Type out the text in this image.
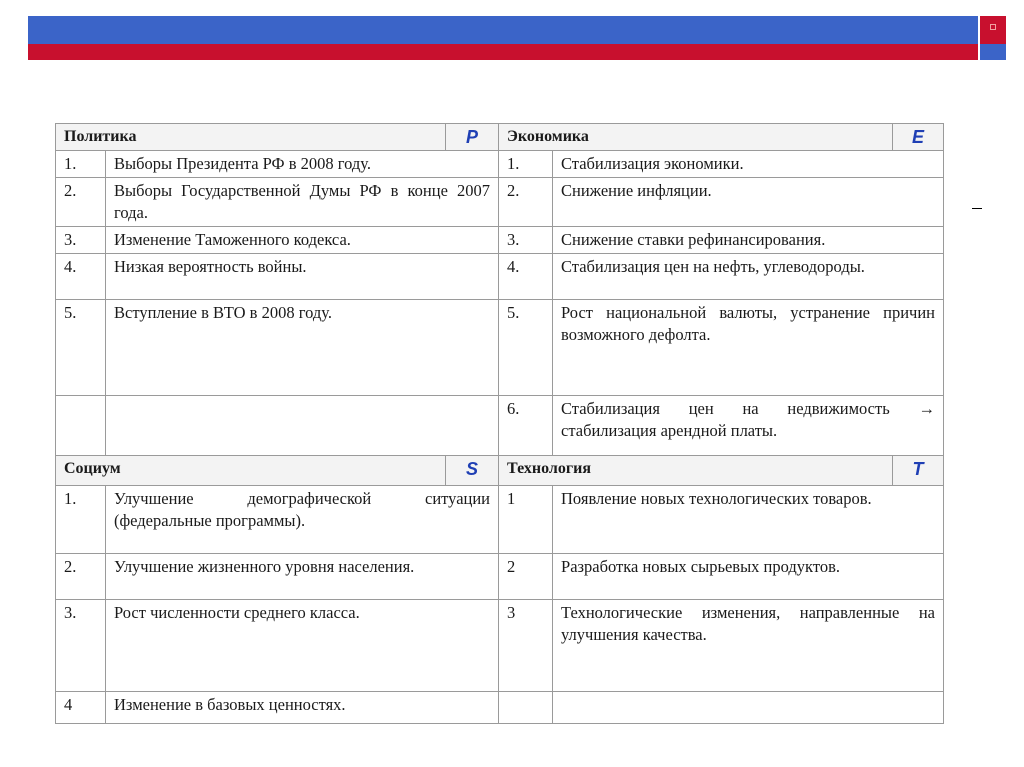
Политика		P	Экономика		E
1.	Выборы Президента РФ в 2008 году.		1.	Стабилизация экономики.	
2.	Выборы Государственной Думы РФ в конце 2007 года.		2.	Снижение инфляции.	
3.	Изменение Таможенного кодекса.		3.	Снижение ставки рефинансирования.	
4.	Низкая вероятность войны.		4.	Стабилизация цен на нефть, углеводороды.	
5.	Вступление в ВТО в 2008 году.		5.	Рост национальной валюты, устранение причин возможного дефолта.	
			6.	Стабилизация цен на недвижимость → стабилизация арендной платы.	
Социум		S	Технология		T
1.	Улучшение демографической ситуации (федеральные программы).		1	Появление новых технологических товаров.	
2.	Улучшение жизненного уровня населения.		2	Разработка новых сырьевых продуктов.	
3.	Рост численности среднего класса.		3	Технологические изменения, направленные на улучшения качества.	
4	Изменение в базовых ценностях.				
